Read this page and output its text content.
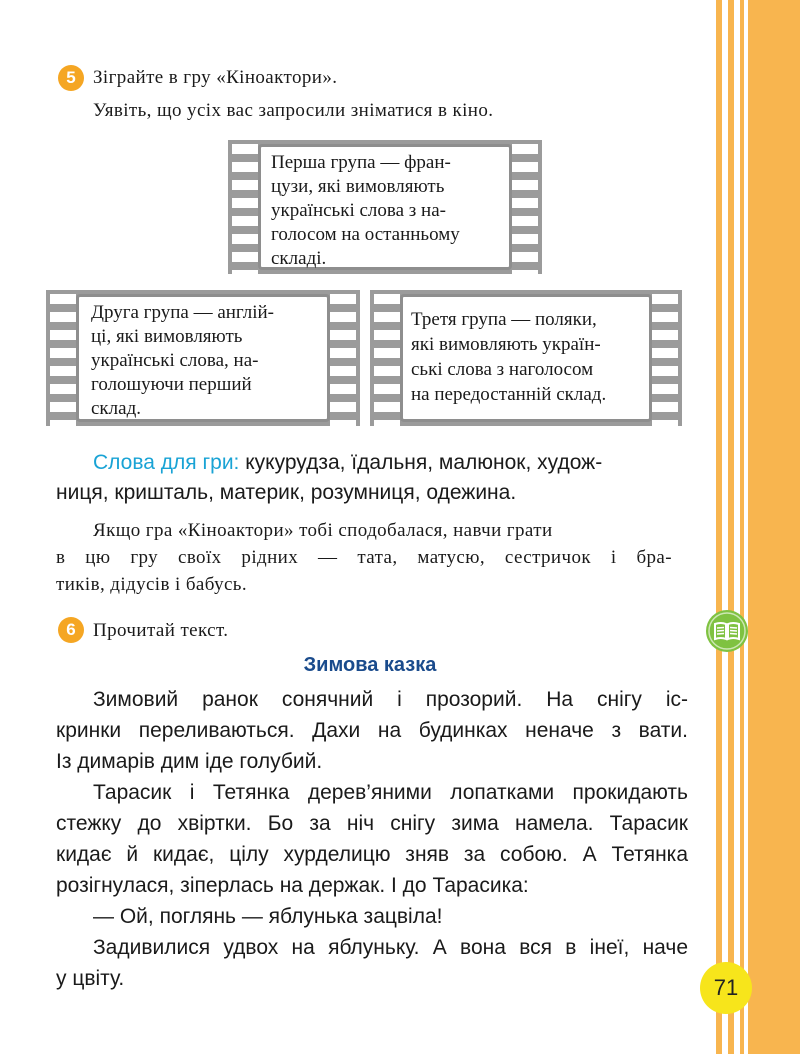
5 Зіграйте в гру «Кіноактори».
Уявіть, що усіх вас запросили зніматися в кіно.
Перша група — фран-
цузи, які вимовляють
українські слова з на-
голосом на останньому
складі.
Друга група — англій-
ці, які вимовляють
українські слова, на-
голошуючи перший
склад.
Третя група — поляки,
які вимовляють україн-
ські слова з наголосом
на передостанній склад.
Слова для гри: кукурудза, їдальня, малюнок, худож-
ниця, кришталь, материк, розумниця, одежина.
Якщо гра «Кіноактори» тобі сподобалася, навчи грати
в цю гру своїх рідних — тата, матусю, сестричок і бра-
тиків, дідусів і бабусь.
6 Прочитай текст.
Зимова казка
Зимовий ранок сонячний і прозорий. На снігу іс-
кринки переливаються. Дахи на будинках неначе з вати.
Із димарів дим іде голубий.
Тарасик і Тетянка дерев’яними лопатками прокидають
стежку до хвіртки. Бо за ніч снігу зима намела. Тарасик
кидає й кидає, цілу хурделицю зняв за собою. А Тетянка
розігнулася, зіперлась на держак. І до Тарасика:
— Ой, поглянь — яблунька зацвіла!
Задивилися удвох на яблуньку. А вона вся в інеї, наче
у цвіту.	71
